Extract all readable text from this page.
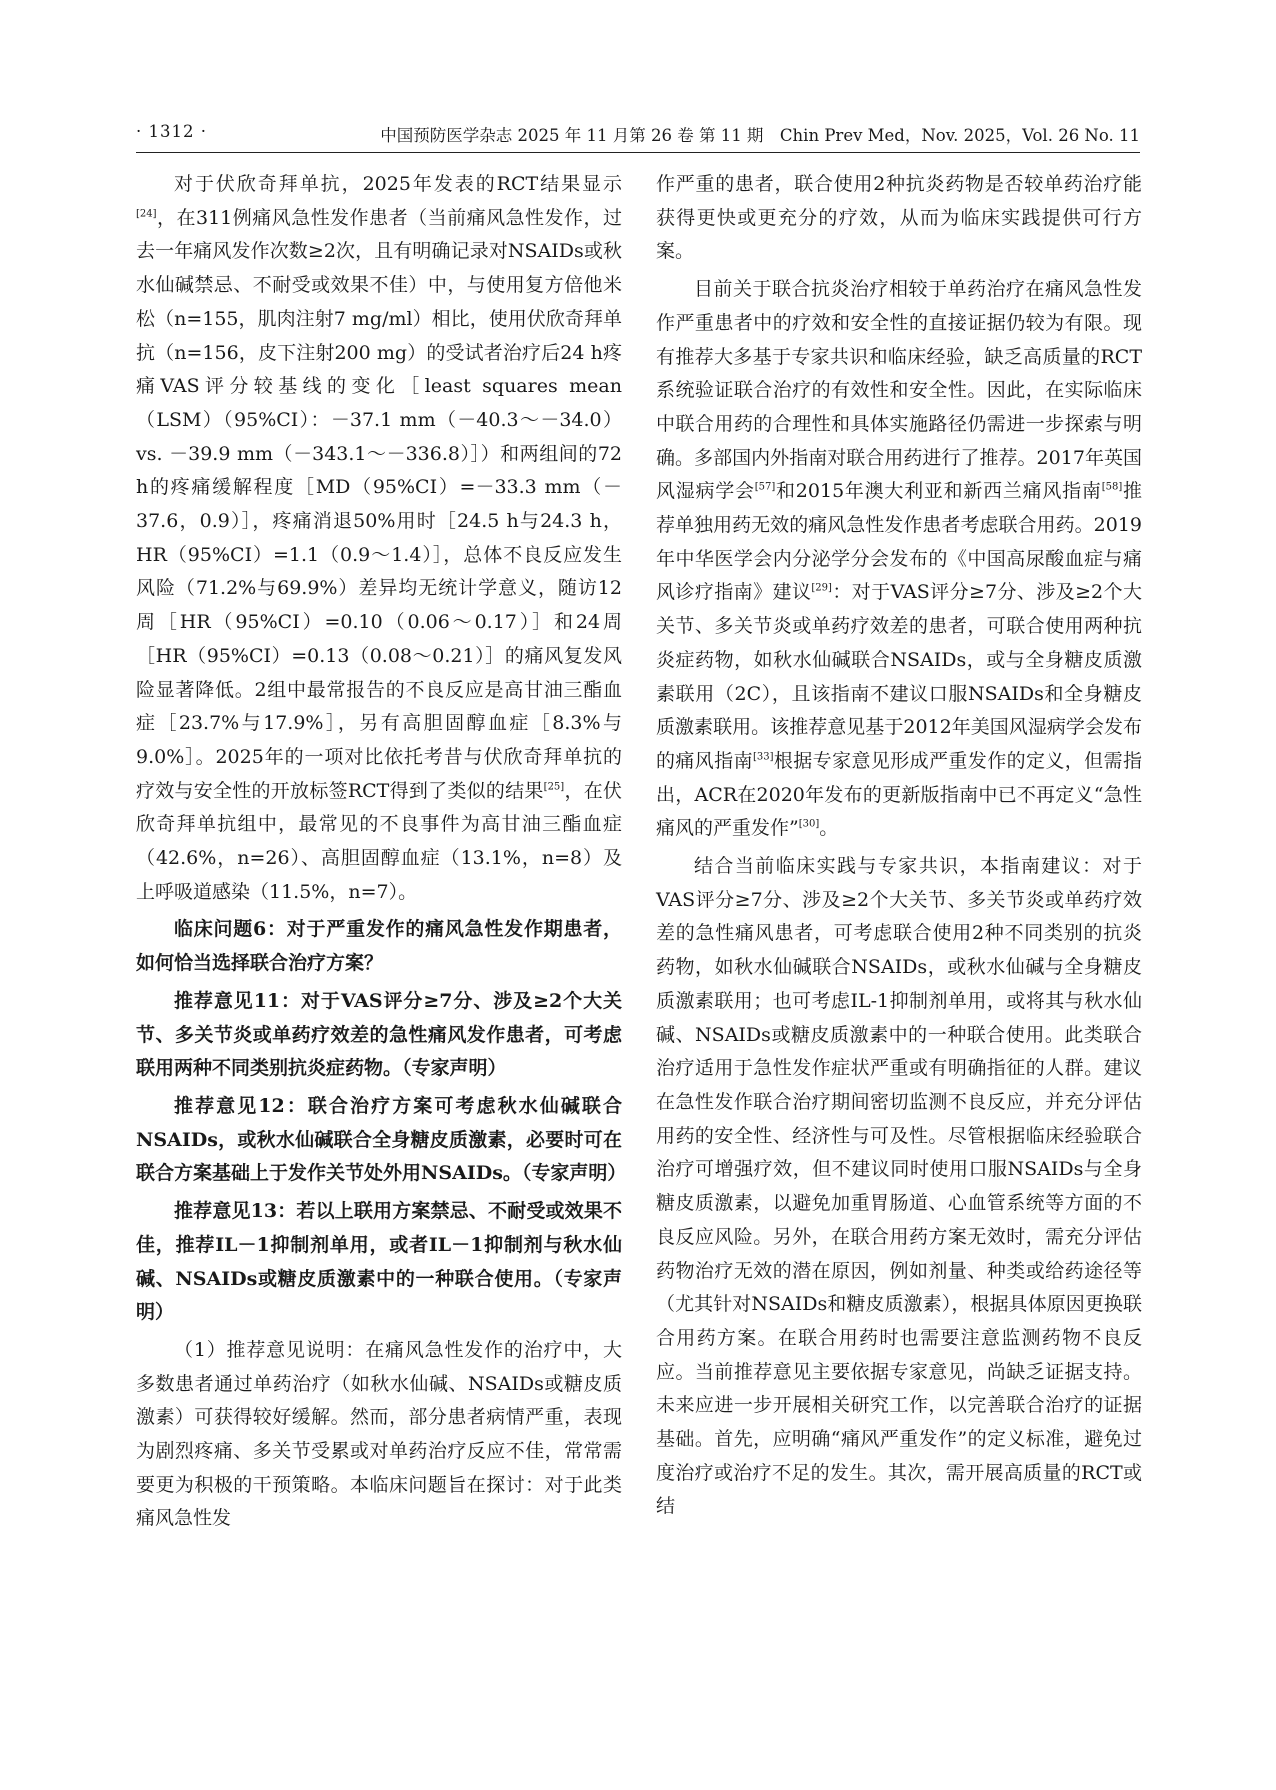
· 1312 ·	中国预防医学杂志 2025 年 11 月第 26 卷 第 11 期　Chin Prev Med，Nov. 2025，Vol. 26 No. 11

对于伏欣奇拜单抗，2025年发表的RCT结果显示[24]，在311例痛风急性发作患者（当前痛风急性发作，过去一年痛风发作次数≥2次，且有明确记录对NSAIDs或秋水仙碱禁忌、不耐受或效果不佳）中，与使用复方倍他米松（n=155，肌肉注射7 mg/ml）相比，使用伏欣奇拜单抗（n=156，皮下注射200 mg）的受试者治疗后24 h疼痛VAS评分较基线的变化［least squares mean（LSM）（95%CI）：－37.1 mm（－40.3～－34.0）vs. －39.9 mm（－343.1～－336.8）］）和两组间的72 h的疼痛缓解程度［MD（95%CI）=－33.3 mm（－37.6，0.9）］，疼痛消退50%用时［24.5 h与24.3 h，HR（95%CI）=1.1（0.9～1.4）］，总体不良反应发生风险（71.2%与69.9%）差异均无统计学意义，随访12周［HR（95%CI）=0.10（0.06～0.17）］和24周［HR（95%CI）=0.13（0.08～0.21）］的痛风复发风险显著降低。2组中最常报告的不良反应是高甘油三酯血症［23.7%与17.9%］，另有高胆固醇血症［8.3%与9.0%］。2025年的一项对比依托考昔与伏欣奇拜单抗的疗效与安全性的开放标签RCT得到了类似的结果[25]，在伏欣奇拜单抗组中，最常见的不良事件为高甘油三酯血症（42.6%，n=26）、高胆固醇血症（13.1%，n=8）及上呼吸道感染（11.5%，n=7）。

临床问题6：对于严重发作的痛风急性发作期患者，如何恰当选择联合治疗方案？

推荐意见11：对于VAS评分≥7分、涉及≥2个大关节、多关节炎或单药疗效差的急性痛风发作患者，可考虑联用两种不同类别抗炎症药物。（专家声明）

推荐意见12：联合治疗方案可考虑秋水仙碱联合NSAIDs，或秋水仙碱联合全身糖皮质激素，必要时可在联合方案基础上于发作关节处外用NSAIDs。（专家声明）

推荐意见13：若以上联用方案禁忌、不耐受或效果不佳，推荐IL－1抑制剂单用，或者IL－1抑制剂与秋水仙碱、NSAIDs或糖皮质激素中的一种联合使用。（专家声明）

（1）推荐意见说明：在痛风急性发作的治疗中，大多数患者通过单药治疗（如秋水仙碱、NSAIDs或糖皮质激素）可获得较好缓解。然而，部分患者病情严重，表现为剧烈疼痛、多关节受累或对单药治疗反应不佳，常常需要更为积极的干预策略。本临床问题旨在探讨：对于此类痛风急性发

作严重的患者，联合使用2种抗炎药物是否较单药治疗能获得更快或更充分的疗效，从而为临床实践提供可行方案。

目前关于联合抗炎治疗相较于单药治疗在痛风急性发作严重患者中的疗效和安全性的直接证据仍较为有限。现有推荐大多基于专家共识和临床经验，缺乏高质量的RCT系统验证联合治疗的有效性和安全性。因此，在实际临床中联合用药的合理性和具体实施路径仍需进一步探索与明确。多部国内外指南对联合用药进行了推荐。2017年英国风湿病学会[57]和2015年澳大利亚和新西兰痛风指南[58]推荐单独用药无效的痛风急性发作患者考虑联合用药。2019年中华医学会内分泌学分会发布的《中国高尿酸血症与痛风诊疗指南》建议[29]：对于VAS评分≥7分、涉及≥2个大关节、多关节炎或单药疗效差的患者，可联合使用两种抗炎症药物，如秋水仙碱联合NSAIDs，或与全身糖皮质激素联用（2C），且该指南不建议口服NSAIDs和全身糖皮质激素联用。该推荐意见基于2012年美国风湿病学会发布的痛风指南[33]根据专家意见形成严重发作的定义，但需指出，ACR在2020年发布的更新版指南中已不再定义“急性痛风的严重发作”[30]。

结合当前临床实践与专家共识，本指南建议：对于VAS评分≥7分、涉及≥2个大关节、多关节炎或单药疗效差的急性痛风患者，可考虑联合使用2种不同类别的抗炎药物，如秋水仙碱联合NSAIDs，或秋水仙碱与全身糖皮质激素联用；也可考虑IL-1抑制剂单用，或将其与秋水仙碱、NSAIDs或糖皮质激素中的一种联合使用。此类联合治疗适用于急性发作症状严重或有明确指征的人群。建议在急性发作联合治疗期间密切监测不良反应，并充分评估用药的安全性、经济性与可及性。尽管根据临床经验联合治疗可增强疗效，但不建议同时使用口服NSAIDs与全身糖皮质激素，以避免加重胃肠道、心血管系统等方面的不良反应风险。另外，在联合用药方案无效时，需充分评估药物治疗无效的潜在原因，例如剂量、种类或给药途径等（尤其针对NSAIDs和糖皮质激素），根据具体原因更换联合用药方案。在联合用药时也需要注意监测药物不良反应。当前推荐意见主要依据专家意见，尚缺乏证据支持。未来应进一步开展相关研究工作，以完善联合治疗的证据基础。首先，应明确“痛风严重发作”的定义标准，避免过度治疗或治疗不足的发生。其次，需开展高质量的RCT或结
